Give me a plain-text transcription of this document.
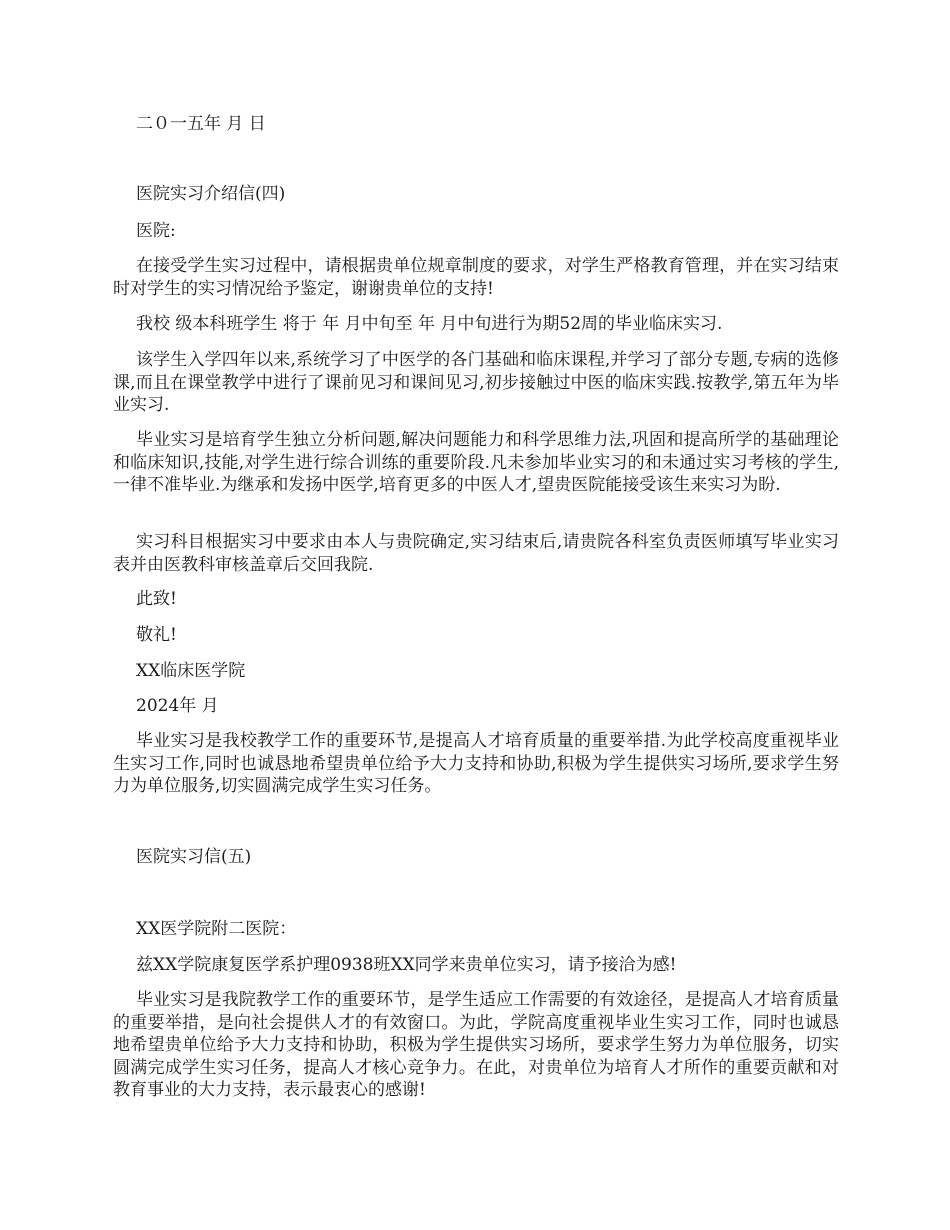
二０一五年 月 日
医院实习介绍信(四)
医院:
在接受学生实习过程中，请根据贵单位规章制度的要求，对学生严格教育管理，并在实习结束时对学生的实习情况给予鉴定，谢谢贵单位的支持!
我校 级本科班学生 将于 年 月中旬至 年 月中旬进行为期52周的毕业临床实习.
该学生入学四年以来,系统学习了中医学的各门基础和临床课程,并学习了部分专题,专病的选修课,而且在课堂教学中进行了课前见习和课间见习,初步接触过中医的临床实践.按教学,第五年为毕业实习.
毕业实习是培育学生独立分析问题,解决问题能力和科学思维力法,巩固和提高所学的基础理论和临床知识,技能,对学生进行综合训练的重要阶段.凡未参加毕业实习的和未通过实习考核的学生,一律不准毕业.为继承和发扬中医学,培育更多的中医人才,望贵医院能接受该生来实习为盼.
实习科目根据实习中要求由本人与贵院确定,实习结束后,请贵院各科室负责医师填写毕业实习表并由医教科审核盖章后交回我院.
此致!
敬礼!
XX临床医学院
2024年 月
毕业实习是我校教学工作的重要环节,是提高人才培育质量的重要举措.为此学校高度重视毕业生实习工作,同时也诚恳地希望贵单位给予大力支持和协助,积极为学生提供实习场所,要求学生努力为单位服务,切实圆满完成学生实习任务。
医院实习信(五)
XX医学院附二医院：
兹XX学院康复医学系护理0938班XX同学来贵单位实习，请予接洽为感!
毕业实习是我院教学工作的重要环节，是学生适应工作需要的有效途径，是提高人才培育质量的重要举措，是向社会提供人才的有效窗口。为此，学院高度重视毕业生实习工作，同时也诚恳地希望贵单位给予大力支持和协助，积极为学生提供实习场所，要求学生努力为单位服务，切实圆满完成学生实习任务，提高人才核心竞争力。在此，对贵单位为培育人才所作的重要贡献和对教育事业的大力支持，表示最衷心的感谢!
